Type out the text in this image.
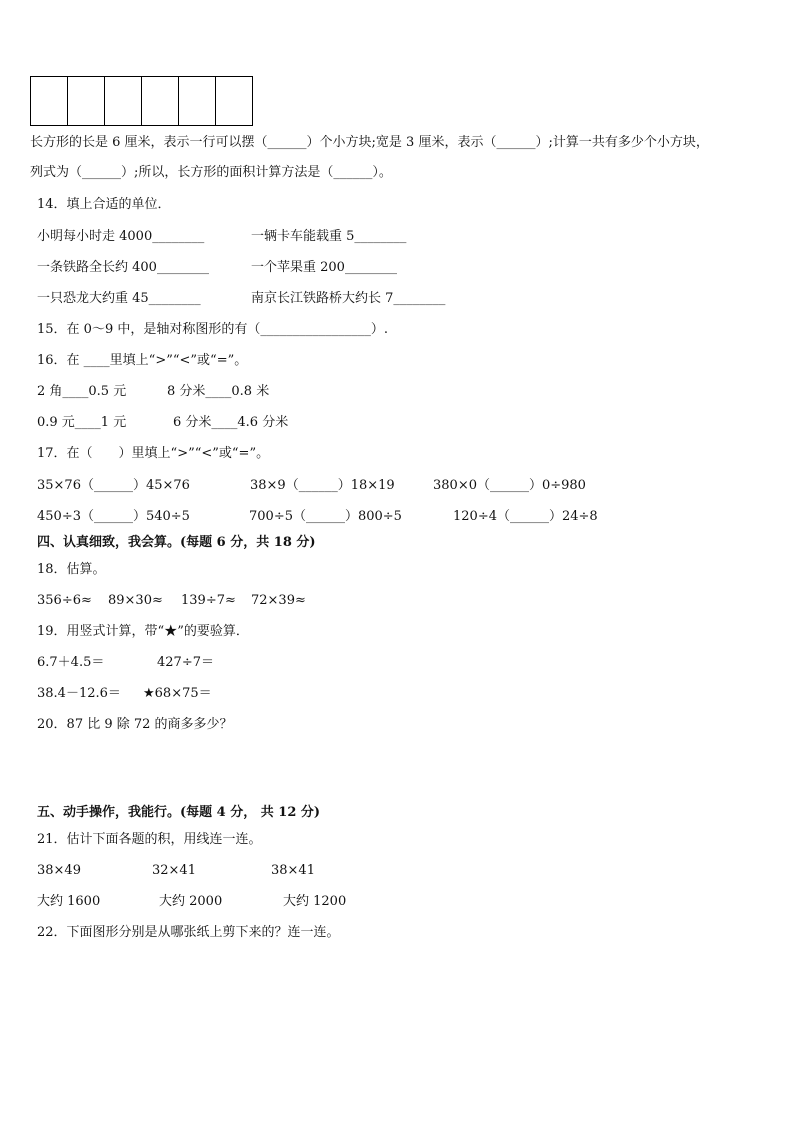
长方形的长是 6 厘米，表示一行可以摆（______）个小方块;宽是 3 厘米，表示（______）;计算一共有多少个小方块，
列式为（______）;所以，长方形的面积计算方法是（______）。
14．填上合适的单位．
小明每小时走 4000________	一辆卡车能载重 5________
一条铁路全长约 400________	一个苹果重 200________
一只恐龙大约重 45________	南京长江铁路桥大约长 7________
15．在 0～9 中，是轴对称图形的有（_________________）.
16．在 ____里填上“>”“<”或“=”。
2 角____0.5 元	8 分米____0.8 米
0.9 元____1 元	6 分米____4.6 分米
17．在（　　）里填上“>”“<”或“=”。
35×76（______）45×76	38×9（______）18×19	380×0（______）0÷980
450÷3（______）540÷5	700÷5（______）800÷5	120÷4（______）24÷8
四、认真细致，我会算。(每题 6 分，共 18 分)
18．估算。
356÷6≈ 89×30≈ 139÷7≈ 72×39≈
19．用竖式计算，带“★”的要验算．
6.7＋4.5＝	427÷7＝
38.4－12.6＝ ★68×75＝
20．87 比 9 除 72 的商多多少？
五、动手操作，我能行。(每题 4 分， 共 12 分)
21．估计下面各题的积，用线连一连。
38×49	32×41	38×41
大约 1600	大约 2000	大约 1200
22．下面图形分别是从哪张纸上剪下来的？连一连。
